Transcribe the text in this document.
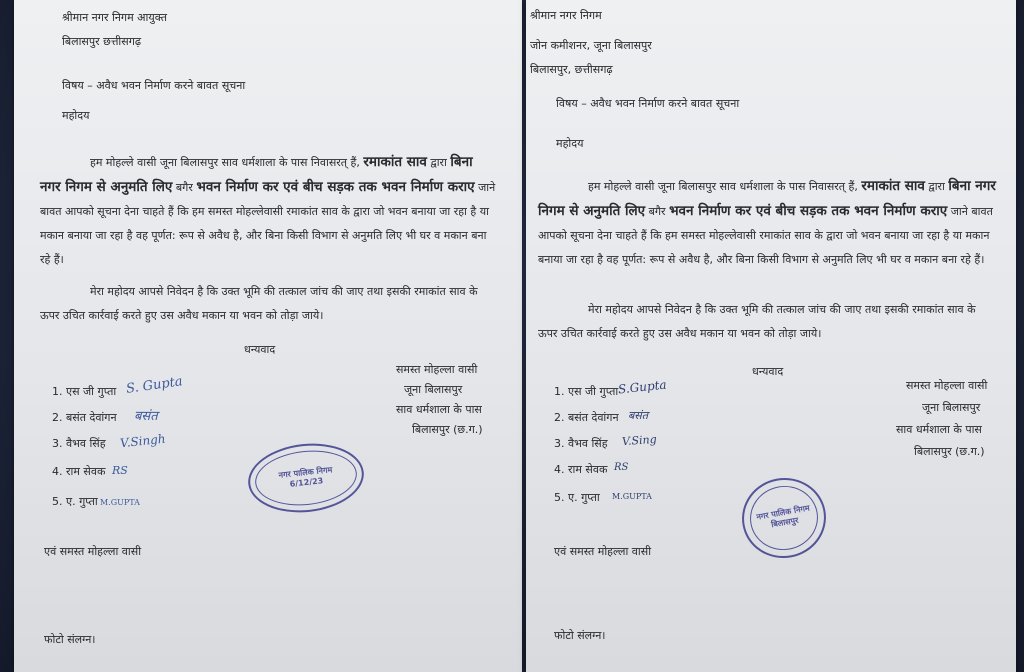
श्रीमान नगर निगम आयुक्त
बिलासपुर छत्तीसगढ़
विषय – अवैध भवन निर्माण करने बावत सूचना
महोदय
हम मोहल्ले वासी जूना बिलासपुर साव धर्मशाला के पास निवासरत् हैं, रमाकांत साव द्वारा बिना नगर निगम से अनुमति लिए बगैर भवन निर्माण कर एवं बीच सड़क तक भवन निर्माण कराए जाने बावत आपको सूचना देना चाहते हैं कि हम समस्त मोहल्लेवासी रमाकांत साव के द्वारा जो भवन बनाया जा रहा है या मकान बनाया जा रहा है वह पूर्णत: रूप से अवैध है, और बिना किसी विभाग से अनुमति लिए भी घर व मकान बना रहे हैं।
मेरा महोदय आपसे निवेदन है कि उक्त भूमि की तत्काल जांच की जाए तथा इसकी रमाकांत साव के ऊपर उचित कार्रवाई करते हुए उस अवैध मकान या भवन को तोड़ा जाये।
धन्यवाद
समस्त मोहल्ला वासी
जूना बिलासपुर
साव धर्मशाला के पास
बिलासपुर (छ.ग.)
1. एस जी गुप्ता S. Gupta
2. बसंत देवांगन बसंत
3. वैभव सिंह V.Singh
4. राम सेवक RS
5. ए. गुप्ता M.GUPTA
नगर पालिक निगम
6/12/23
एवं समस्त मोहल्ला वासी
फोटो संलग्न।
श्रीमान नगर निगम
जोन कमीशनर, जूना बिलासपुर
बिलासपुर, छत्तीसगढ़
विषय – अवैध भवन निर्माण करने बावत सूचना
महोदय
हम मोहल्ले वासी जूना बिलासपुर साव धर्मशाला के पास निवासरत् हैं, रमाकांत साव द्वारा बिना नगर निगम से अनुमति लिए बगैर भवन निर्माण कर एवं बीच सड़क तक भवन निर्माण कराए जाने बावत आपको सूचना देना चाहते हैं कि हम समस्त मोहल्लेवासी रमाकांत साव के द्वारा जो भवन बनाया जा रहा है या मकान बनाया जा रहा है वह पूर्णत: रूप से अवैध है, और बिना किसी विभाग से अनुमति लिए भी घर व मकान बना रहे हैं।
मेरा महोदय आपसे निवेदन है कि उक्त भूमि की तत्काल जांच की जाए तथा इसकी रमाकांत साव के ऊपर उचित कार्रवाई करते हुए उस अवैध मकान या भवन को तोड़ा जाये।
धन्यवाद
समस्त मोहल्ला वासी
जूना बिलासपुर
साव धर्मशाला के पास
बिलासपुर (छ.ग.)
1. एस जी गुप्ता S.Gupta
2. बसंत देवांगन बसंत
3. वैभव सिंह V.Sing
4. राम सेवक RS
5. ए. गुप्ता M.GUPTA
नगर पालिक निगम
बिलासपुर
एवं समस्त मोहल्ला वासी
फोटो संलग्न।
